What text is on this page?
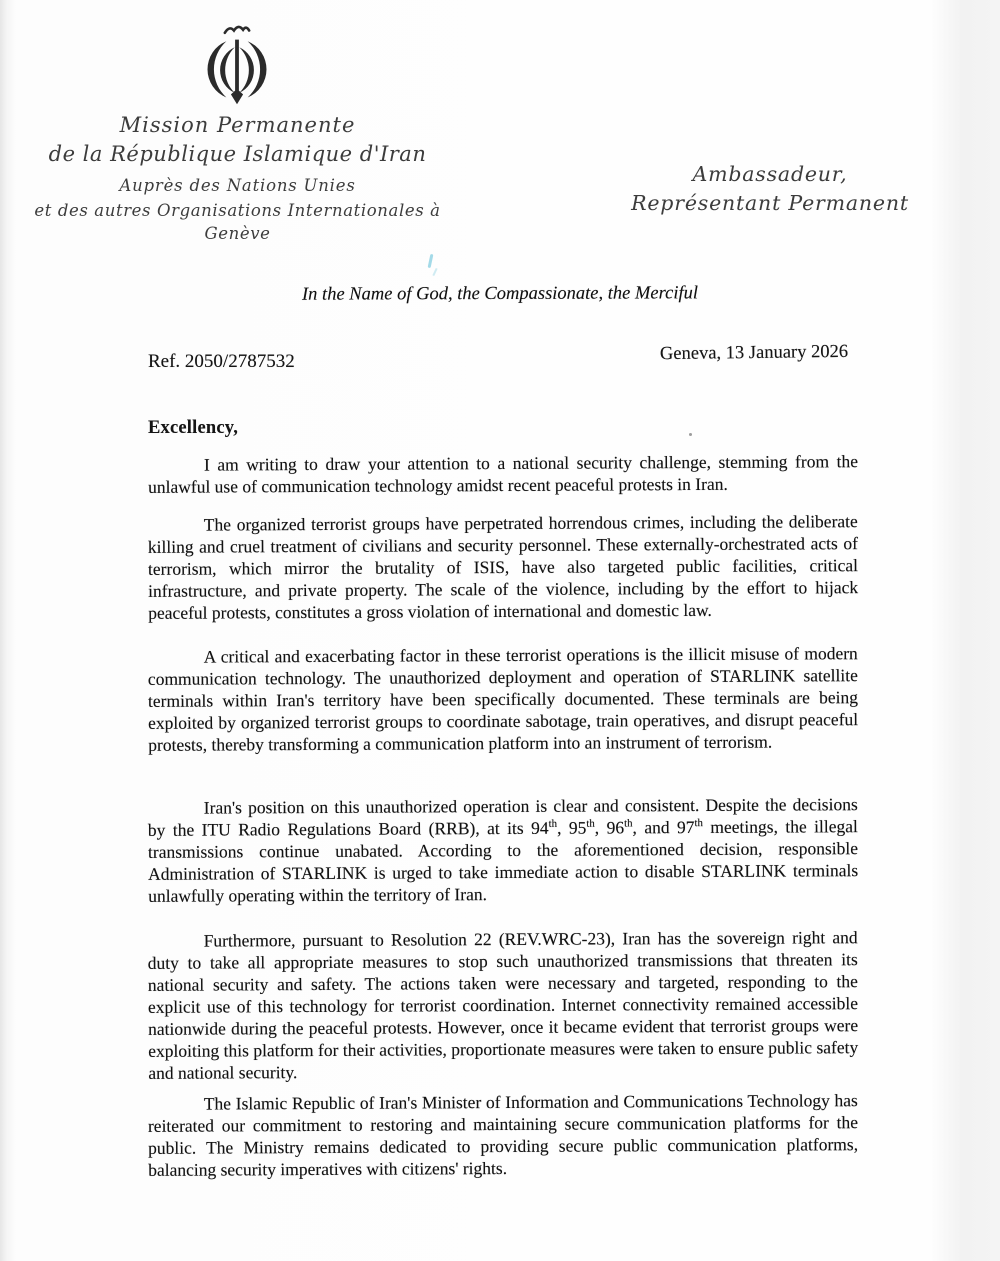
Mission Permanente
de la République Islamique d'Iran
Auprès des Nations Unies
et des autres Organisations Internationales à Genève
Ambassadeur,
Représentant Permanent
In the Name of God, the Compassionate, the Merciful
Ref. 2050/2787532	Geneva, 13 January 2026
Excellency,
I am writing to draw your attention to a national security challenge, stemming from the unlawful use of communication technology amidst recent peaceful protests in Iran.
The organized terrorist groups have perpetrated horrendous crimes, including the deliberate killing and cruel treatment of civilians and security personnel. These externally-orchestrated acts of terrorism, which mirror the brutality of ISIS, have also targeted public facilities, critical infrastructure, and private property. The scale of the violence, including by the effort to hijack peaceful protests, constitutes a gross violation of international and domestic law.
A critical and exacerbating factor in these terrorist operations is the illicit misuse of modern communication technology. The unauthorized deployment and operation of STARLINK satellite terminals within Iran's territory have been specifically documented. These terminals are being exploited by organized terrorist groups to coordinate sabotage, train operatives, and disrupt peaceful protests, thereby transforming a communication platform into an instrument of terrorism.
Iran's position on this unauthorized operation is clear and consistent. Despite the decisions by the ITU Radio Regulations Board (RRB), at its 94th, 95th, 96th, and 97th meetings, the illegal transmissions continue unabated. According to the aforementioned decision, responsible Administration of STARLINK is urged to take immediate action to disable STARLINK terminals unlawfully operating within the territory of Iran.
Furthermore, pursuant to Resolution 22 (REV.WRC-23), Iran has the sovereign right and duty to take all appropriate measures to stop such unauthorized transmissions that threaten its national security and safety. The actions taken were necessary and targeted, responding to the explicit use of this technology for terrorist coordination. Internet connectivity remained accessible nationwide during the peaceful protests. However, once it became evident that terrorist groups were exploiting this platform for their activities, proportionate measures were taken to ensure public safety and national security.
The Islamic Republic of Iran's Minister of Information and Communications Technology has reiterated our commitment to restoring and maintaining secure communication platforms for the public. The Ministry remains dedicated to providing secure public communication platforms, balancing security imperatives with citizens' rights.
